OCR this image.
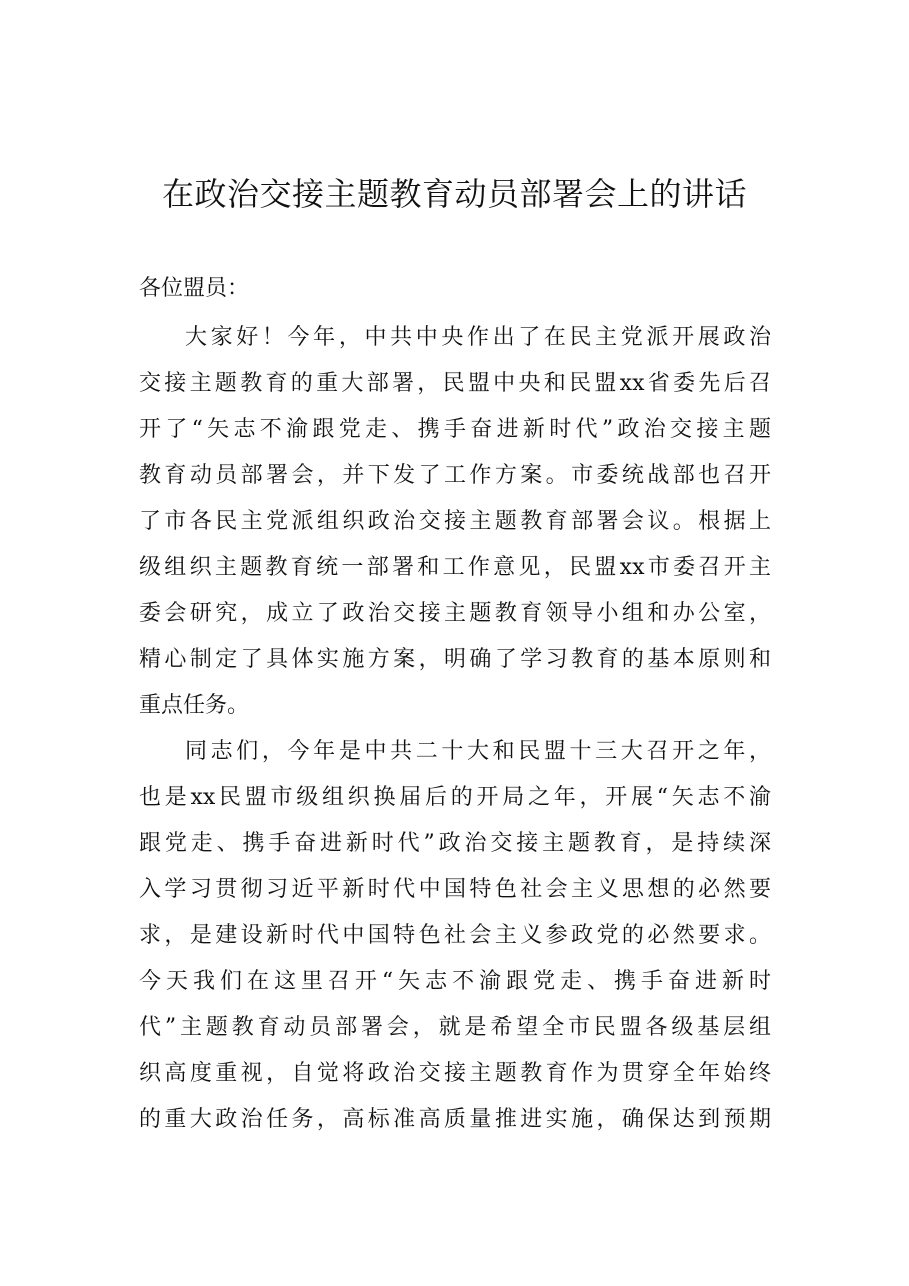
在政治交接主题教育动员部署会上的讲话
各位盟员：
大家好！今年，中共中央作出了在民主党派开展政治
交接主题教育的重大部署，民盟中央和民盟xx省委先后召
开了“矢志不渝跟党走、携手奋进新时代”政治交接主题
教育动员部署会，并下发了工作方案。市委统战部也召开
了市各民主党派组织政治交接主题教育部署会议。根据上
级组织主题教育统一部署和工作意见，民盟xx市委召开主
委会研究，成立了政治交接主题教育领导小组和办公室，
精心制定了具体实施方案，明确了学习教育的基本原则和
重点任务。
同志们，今年是中共二十大和民盟十三大召开之年，
也是xx民盟市级组织换届后的开局之年，开展“矢志不渝
跟党走、携手奋进新时代”政治交接主题教育，是持续深
入学习贯彻习近平新时代中国特色社会主义思想的必然要
求，是建设新时代中国特色社会主义参政党的必然要求。
今天我们在这里召开“矢志不渝跟党走、携手奋进新时
代”主题教育动员部署会，就是希望全市民盟各级基层组
织高度重视，自觉将政治交接主题教育作为贯穿全年始终
的重大政治任务，高标准高质量推进实施，确保达到预期
